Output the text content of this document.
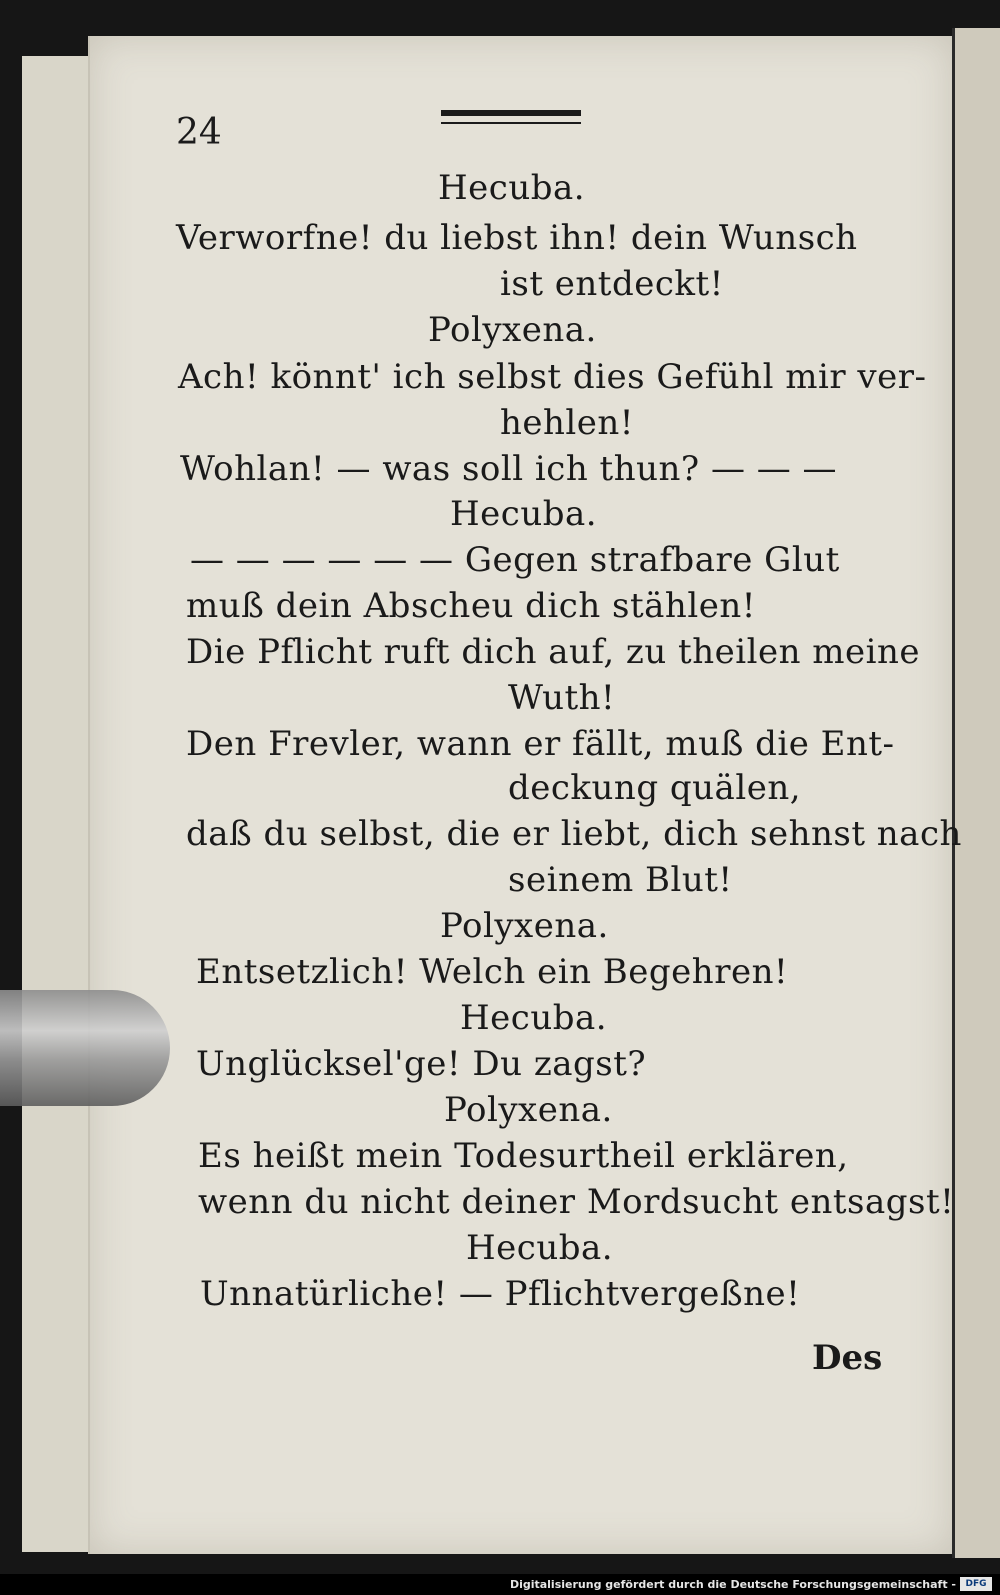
24
Hecuba.
Verworfne! du liebst ihn! dein Wunsch
ist entdeckt!
Polyxena.
Ach! könnt' ich selbst dies Gefühl mir ver-
hehlen!
Wohlan! — was soll ich thun? — — —
Hecuba.
— — — — — — Gegen strafbare Glut
muß dein Abscheu dich stählen!
Die Pflicht ruft dich auf, zu theilen meine
Wuth!
Den Frevler, wann er fällt, muß die Ent-
deckung quälen,
daß du selbst, die er liebt, dich sehnst nach
seinem Blut!
Polyxena.
Entsetzlich! Welch ein Begehren!
Hecuba.
Unglücksel'ge! Du zagst?
Polyxena.
Es heißt mein Todesurtheil erklären,
wenn du nicht deiner Mordsucht entsagst!
Hecuba.
Unnatürliche! — Pflichtvergeßne!
Des
Digitalisierung gefördert durch die Deutsche Forschungsgemeinschaft -	DFG
